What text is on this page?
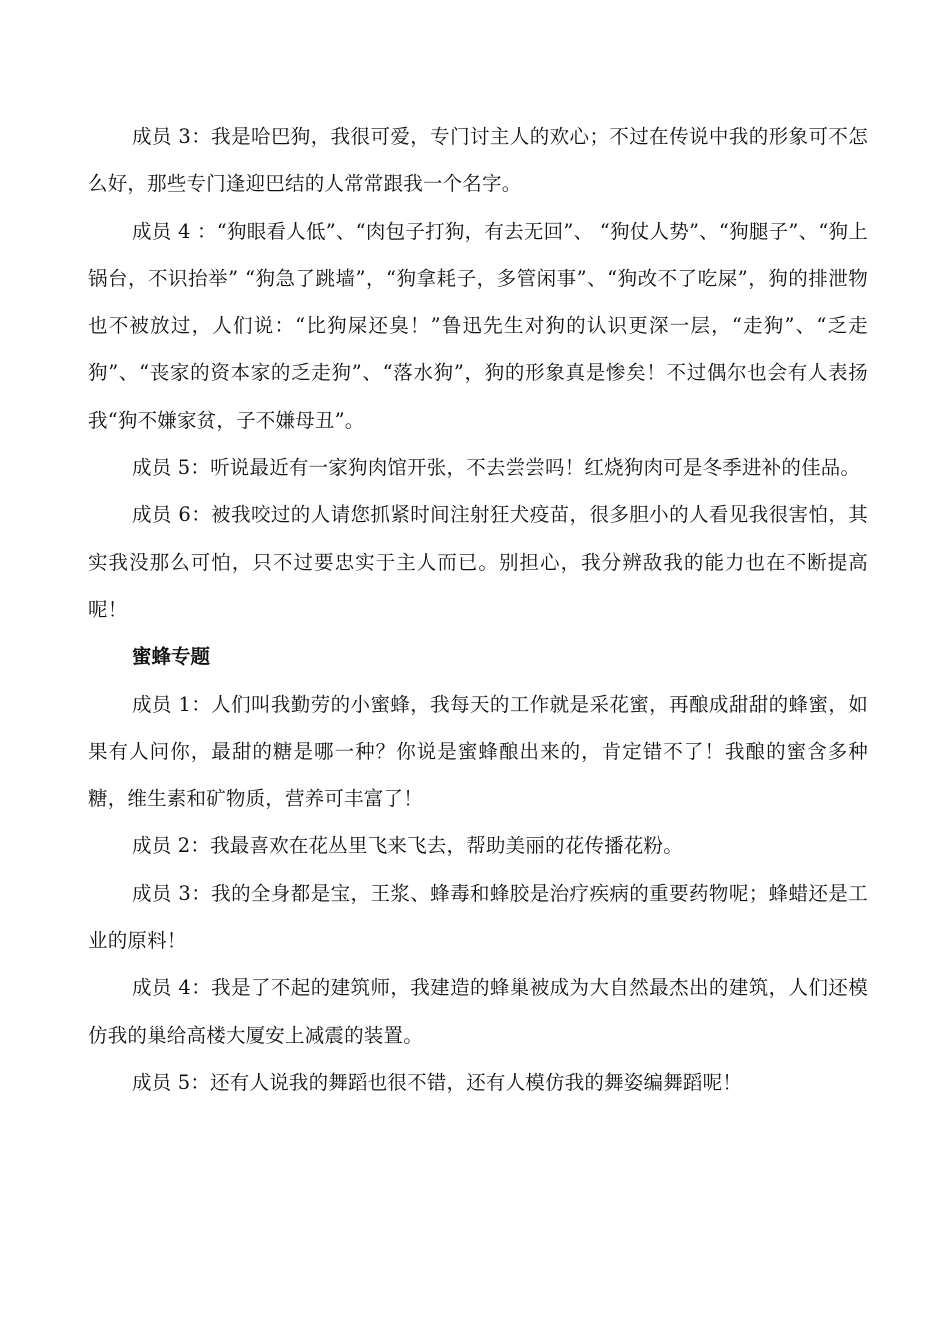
成员 3：我是哈巴狗，我很可爱，专门讨主人的欢心；不过在传说中我的形象可不怎么好，那些专门逢迎巴结的人常常跟我一个名字。

成员 4 ：“狗眼看人低”、“肉包子打狗，有去无回”、 “狗仗人势”、“狗腿子”、“狗上锅台，不识抬举” “狗急了跳墙”，“狗拿耗子，多管闲事”、“狗改不了吃屎”，狗的排泄物也不被放过，人们说：“比狗屎还臭！”鲁迅先生对狗的认识更深一层，“走狗”、“乏走狗”、“丧家的资本家的乏走狗”、“落水狗”，狗的形象真是惨矣！不过偶尔也会有人表扬我“狗不嫌家贫，子不嫌母丑”。

成员 5：听说最近有一家狗肉馆开张，不去尝尝吗！红烧狗肉可是冬季进补的佳品。

成员 6：被我咬过的人请您抓紧时间注射狂犬疫苗，很多胆小的人看见我很害怕，其实我没那么可怕，只不过要忠实于主人而已。别担心，我分辨敌我的能力也在不断提高呢！

蜜蜂专题

成员 1：人们叫我勤劳的小蜜蜂，我每天的工作就是采花蜜，再酿成甜甜的蜂蜜，如果有人问你，最甜的糖是哪一种？你说是蜜蜂酿出来的，肯定错不了！我酿的蜜含多种糖，维生素和矿物质，营养可丰富了！

成员 2：我最喜欢在花丛里飞来飞去，帮助美丽的花传播花粉。

成员 3：我的全身都是宝，王浆、蜂毒和蜂胶是治疗疾病的重要药物呢；蜂蜡还是工业的原料！

成员 4：我是了不起的建筑师，我建造的蜂巢被成为大自然最杰出的建筑，人们还模仿我的巢给高楼大厦安上减震的装置。

成员 5：还有人说我的舞蹈也很不错，还有人模仿我的舞姿编舞蹈呢！
